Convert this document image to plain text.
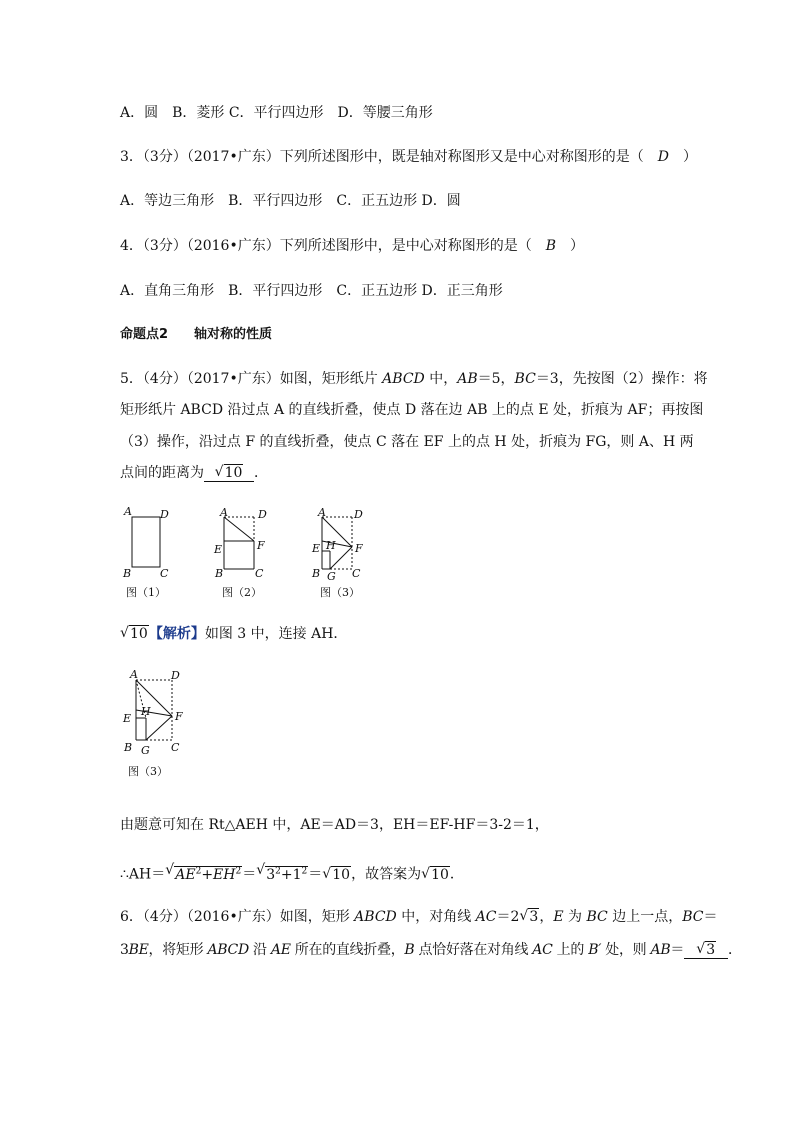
A．圆　B．菱形 C．平行四边形　D．等腰三角形
3．（3分）（2017•广东）下列所述图形中，既是轴对称图形又是中心对称图形的是（ D ）
A．等边三角形　B．平行四边形　C．正五边形 D．圆
4．（3分）（2016•广东）下列所述图形中，是中心对称图形的是（ B ）
A．直角三角形　B．平行四边形　C．正五边形 D．正三角形
命题点2　　轴对称的性质
5．（4分）（2017•广东）如图，矩形纸片 ABCD 中，AB＝5，BC＝3，先按图（2）操作：将
矩形纸片 ABCD 沿过点 A 的直线折叠，使点 D 落在边 AB 上的点 E 处，折痕为 AF；再按图
（3）操作，沿过点 F 的直线折叠，使点 C 落在 EF 上的点 H 处，折痕为 FG，则 A、H 两
点间的距离为√ 10 ．
A	D
B	C
图（1）
A	D
E	F
B	C
图（2）
A	D
E H F
B G C
图（3）
√ 10【解析】如图 3 中，连接 AH．
A	D
E
H F
B G C
图（3）
由题意可知在 Rt△AEH 中，AE＝AD＝3，EH＝EF-HF＝3-2＝1，
∴AH＝√ $AE^2+EH^2=√$ $3^2+1^2=√$ 10，故答案为√ 10．
6．（4分）（2016•广东）如图，矩形 ABCD 中，对角线 AC＝2√ 3，E 为 BC 边上一点，BC＝
3BE，将矩形 ABCD 沿 AE 所在的直线折叠，B 点恰好落在对角线 AC 上的 B′ 处，则 AB＝√ 3 ．
